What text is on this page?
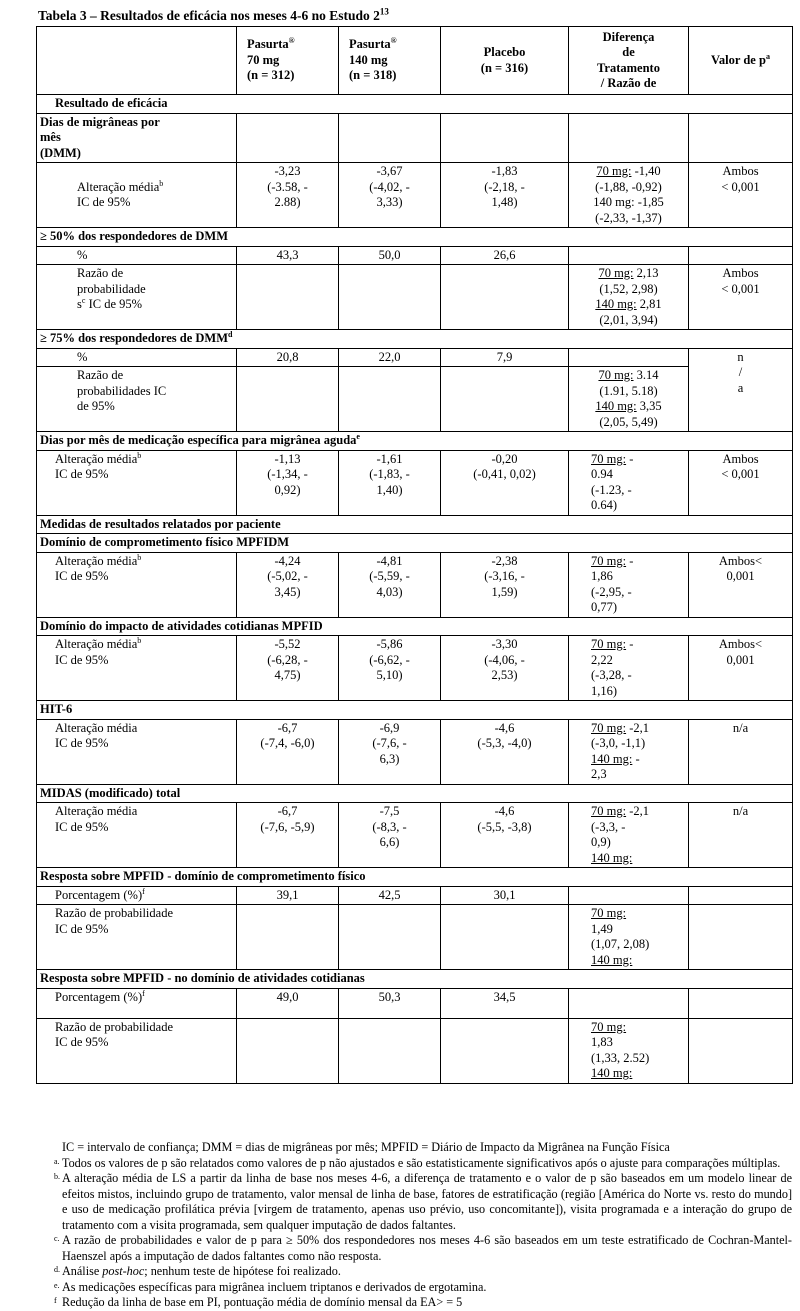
Tabela 3 – Resultados de eficácia nos meses 4-6 no Estudo $2^{13}$
	Pasurta®
70 mg
(n = 312)	Pasurta®
140 mg
(n = 318)	Placebo
(n = 316)	Diferença
de
Tratamento
/ Razão de	Valor de $p^a$
Resultado de eficácia					
Dias de migrâneas por
mês
(DMM)					
Alteração média$^b$
IC de 95%	-3,23
(-3.58, -
2.88)	-3,67
(-4,02, -
3,33)	-1,83
(-2,18, -
1,48)	70 mg: -1,40
(-1,88, -0,92)
140 mg: -1,85
(-2,33, -1,37)	Ambos
< 0,001
≥ 50% dos respondedores de DMM					
%	43,3	50,0	26,6		
Razão de
probabilidade
$s^c$ IC de 95%				70 mg: 2,13
(1,52, 2,98)
140 mg: 2,81
(2,01, 3,94)	Ambos
< 0,001
≥ 75% dos respondedores de DMM$^d$
%	20,8	22,0	7,9		n
/
a
Razão de
probabilidades IC
de 95%				70 mg: 3.14
(1.91, 5.18)
140 mg: 3,35
(2,05, 5,49)	
Dias por mês de medicação específica para migrânea aguda$^e$
Alteração média$^b$
IC de 95%	-1,13
(-1,34, -
0,92)	-1,61
(-1,83, -
1,40)	-0,20
(-0,41, 0,02)	70 mg: -
0.94
(-1.23, -
0.64)	Ambos
< 0,001
Medidas de resultados relatados por paciente					
Domínio de comprometimento físico MPFIDM					
Alteração média$^b$
IC de 95%	-4,24
(-5,02, -
3,45)	-4,81
(-5,59, -
4,03)	-2,38
(-3,16, -
1,59)	70 mg: -
1,86
(-2,95, -
0,77)	Ambos<
0,001
Domínio do impacto de atividades cotidianas MPFID					
Alteração média$^b$
IC de 95%	-5,52
(-6,28, -
4,75)	-5,86
(-6,62, -
5,10)	-3,30
(-4,06, -
2,53)	70 mg: -
2,22
(-3,28, -
1,16)	Ambos<
0,001
HIT-6					
Alteração média
IC de 95%	-6,7
(-7,4, -6,0)	-6,9
(-7,6, -
6,3)	-4,6
(-5,3, -4,0)	70 mg: -2,1
(-3,0, -1,1)
140 mg: -
2,3	n/a
MIDAS (modificado) total					
Alteração média
IC de 95%	-6,7
(-7,6, -5,9)	-7,5
(-8,3, -
6,6)	-4,6
(-5,5, -3,8)	70 mg: -2,1
(-3,3, -
0,9)
140 mg:	n/a
Resposta sobre MPFID - domínio de comprometimento físico					
Porcentagem (%)$^f$	39,1	42,5	30,1		
Razão de probabilidade
IC de 95%				70 mg:
1,49
(1,07, 2,08)
140 mg:	
Resposta sobre MPFID - no domínio de atividades cotidianas					
Porcentagem (%)$^f$	49,0	50,3	34,5		
Razão de probabilidade
IC de 95%				70 mg:
1,83
(1,33, 2.52)
140 mg:	
IC = intervalo de confiança; DMM = dias de migrâneas por mês; MPFID = Diário de Impacto da Migrânea na Função Física
a. Todos os valores de p são relatados como valores de p não ajustados e são estatisticamente significativos após o ajuste para comparações múltiplas.
b. A alteração média de LS a partir da linha de base nos meses 4-6, a diferença de tratamento e o valor de p são baseados em um modelo linear de efeitos mistos, incluindo grupo de tratamento, valor mensal de linha de base, fatores de estratificação (região [América do Norte vs. resto do mundo] e uso de medicação profilática prévia [virgem de tratamento, apenas uso prévio, uso concomitante]), visita programada e a interação do grupo de tratamento com a visita programada, sem qualquer imputação de dados faltantes.
c. A razão de probabilidades e valor de p para ≥ 50% dos respondedores nos meses 4-6 são baseados em um teste estratificado de Cochran-Mantel-Haenszel após a imputação de dados faltantes como não resposta.
d. Análise post-hoc; nenhum teste de hipótese foi realizado.
e. As medicações específicas para migrânea incluem triptanos e derivados de ergotamina.
f Redução da linha de base em PI, pontuação média de domínio mensal da EA> = 5
